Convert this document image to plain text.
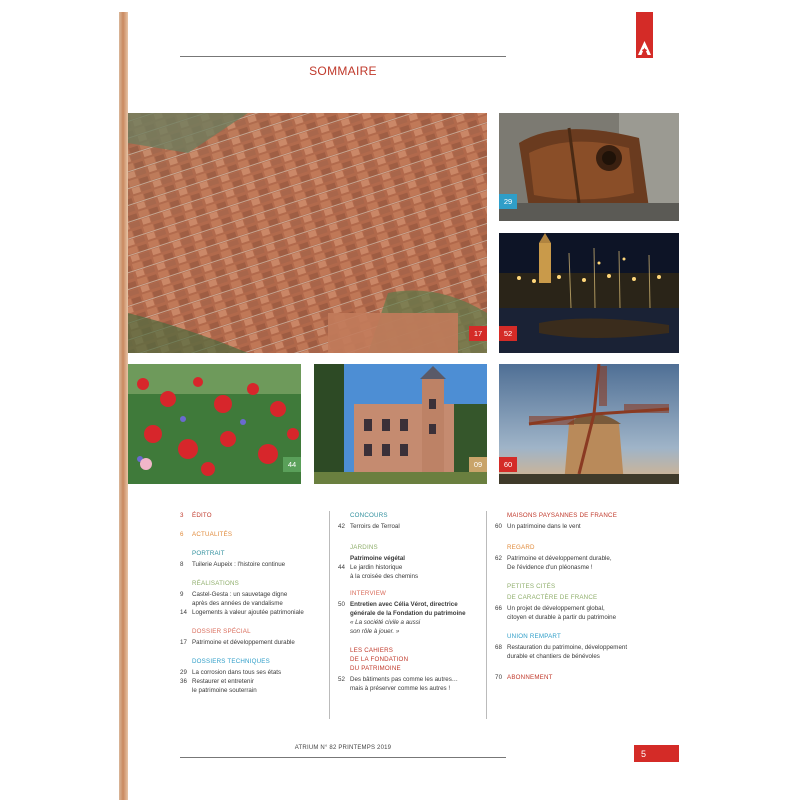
SOMMAIRE
17
29
52
44	09	60
3	ÉDITO
6	ACTUALITÉS
PORTRAIT
8	Tuilerie Aupeix : l'histoire continue
RÉALISATIONS
9	Castel-Gesta : un sauvetage digne
après des années de vandalisme
14 Logements à valeur ajoutée patrimoniale
DOSSIER SPÉCIAL
17 Patrimoine et développement durable
DOSSIERS TECHNIQUES
29 La corrosion dans tous ses états
36 Restaurer et entretenir
le patrimoine souterrain
CONCOURS
42 Terroirs de Terroal
JARDINS
Patrimoine végétal
44 Le jardin historique
à la croisée des chemins
INTERVIEW
50 Entretien avec Célia Vérot, directrice
générale de la Fondation du patrimoine
« La société civile a aussi
son rôle à jouer. »
LES CAHIERS
DE LA FONDATION
DU PATRIMOINE
52 Des bâtiments pas comme les autres…
mais à préserver comme les autres !
MAISONS PAYSANNES DE FRANCE
60 Un patrimoine dans le vent
REGARD
62 Patrimoine et développement durable,
De l'évidence d'un pléonasme !
PETITES CITÉS
DE CARACTÈRE DE FRANCE
66 Un projet de développement global,
citoyen et durable à partir du patrimoine
UNION REMPART
68 Restauration du patrimoine, développement
durable et chantiers de bénévoles
70 ABONNEMENT
ATRIUM N° 82 PRINTEMPS 2019
5
